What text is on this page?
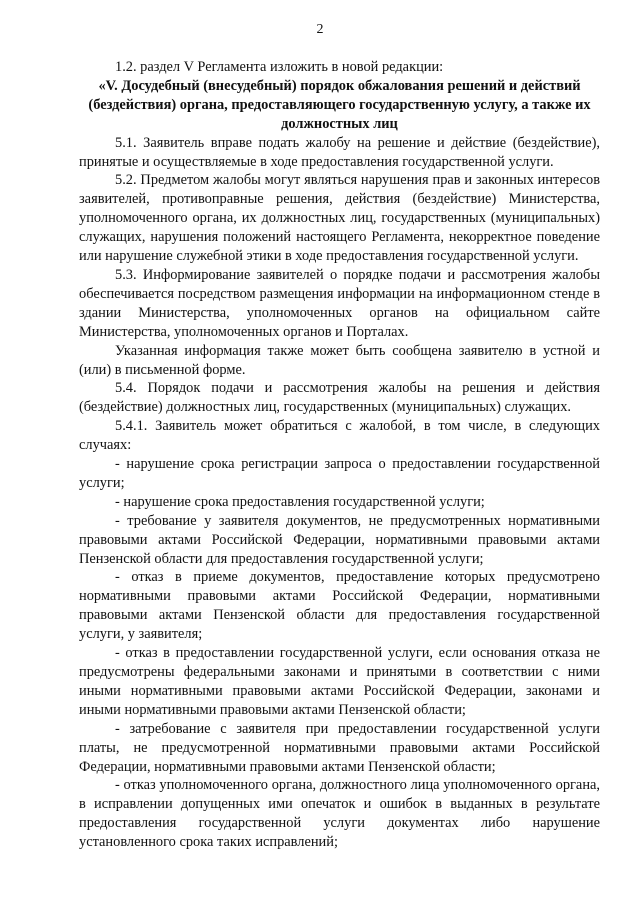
2

1.2. раздел V Регламента изложить в новой редакции:

«V. Досудебный (внесудебный) порядок обжалования решений и действий (бездействия) органа, предоставляющего государственную услугу, а также их должностных лиц

5.1. Заявитель вправе подать жалобу на решение и действие (бездействие), принятые и осуществляемые в ходе предоставления государственной услуги.

5.2. Предметом жалобы могут являться нарушения прав и законных интересов заявителей, противоправные решения, действия (бездействие) Министерства, уполномоченного органа, их должностных лиц, государственных (муниципальных) служащих, нарушения положений настоящего Регламента, некорректное поведение или нарушение служебной этики в ходе предоставления государственной услуги.

5.3. Информирование заявителей о порядке подачи и рассмотрения жалобы обеспечивается посредством размещения информации на информационном стенде в здании Министерства, уполномоченных органов на официальном сайте Министерства, уполномоченных органов и Порталах.

Указанная информация также может быть сообщена заявителю в устной и (или) в письменной форме.

5.4. Порядок подачи и рассмотрения жалобы на решения и действия (бездействие) должностных лиц, государственных (муниципальных) служащих.

5.4.1. Заявитель может обратиться с жалобой, в том числе, в следующих случаях:

- нарушение срока регистрации запроса о предоставлении государственной услуги;

- нарушение срока предоставления государственной услуги;

- требование у заявителя документов, не предусмотренных нормативными правовыми актами Российской Федерации, нормативными правовыми актами Пензенской области для предоставления государственной услуги;

- отказ в приеме документов, предоставление которых предусмотрено нормативными правовыми актами Российской Федерации, нормативными правовыми актами Пензенской области для предоставления государственной услуги, у заявителя;

- отказ в предоставлении государственной услуги, если основания отказа не предусмотрены федеральными законами и принятыми в соответствии с ними иными нормативными правовыми актами Российской Федерации, законами и иными нормативными правовыми актами Пензенской области;

- затребование с заявителя при предоставлении государственной услуги платы, не предусмотренной нормативными правовыми актами Российской Федерации, нормативными правовыми актами Пензенской области;

- отказ уполномоченного органа, должностного лица уполномоченного органа, в исправлении допущенных ими опечаток и ошибок в выданных в результате предоставления государственной услуги документах либо нарушение установленного срока таких исправлений;
